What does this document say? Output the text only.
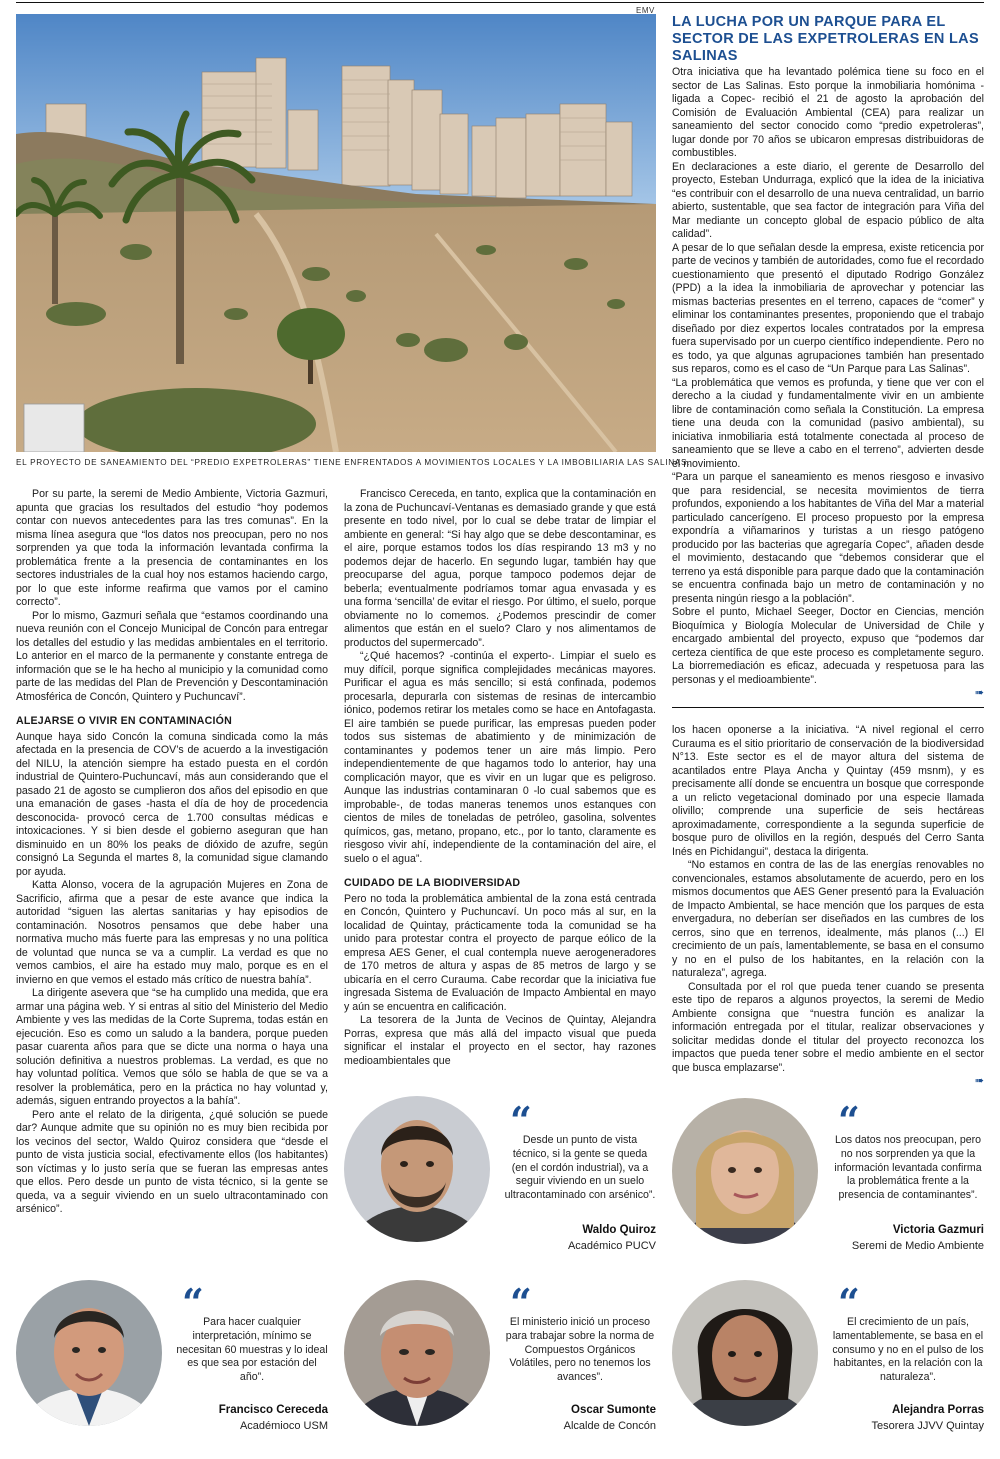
EMV
EL PROYECTO DE SANEAMIENTO DEL “PREDIO EXPETROLERAS” TIENE ENFRENTADOS A MOVIMIENTOS LOCALES Y LA IMBOBILIARIA LAS SALINAS.
LA LUCHA POR UN PARQUE PARA EL SECTOR DE LAS EXPETROLERAS EN LAS SALINAS

Otra iniciativa que ha levantado polémica tiene su foco en el sector de Las Salinas. Esto porque la inmobiliaria homónima -ligada a Copec- recibió el 21 de agosto la aprobación del Comisión de Evaluación Ambiental (CEA) para realizar un saneamiento del sector conocido como “predio expetroleras”, lugar donde por 70 años se ubicaron empresas distribuidoras de combustibles.

En declaraciones a este diario, el gerente de Desarrollo del proyecto, Esteban Undurraga, explicó que la idea de la iniciativa “es contribuir con el desarrollo de una nueva centralidad, un barrio abierto, sustentable, que sea factor de integración para Viña del Mar mediante un concepto global de espacio público de alta calidad”.

A pesar de lo que señalan desde la empresa, existe reticencia por parte de vecinos y también de autoridades, como fue el recordado cuestionamiento que presentó el diputado Rodrigo González (PPD) a la idea la inmobiliaria de aprovechar y potenciar las mismas bacterias presentes en el terreno, capaces de “comer” y eliminar los contaminantes presentes, proponiendo que el trabajo diseñado por diez expertos locales contratados por la empresa fuera supervisado por un cuerpo científico independiente. Pero no es todo, ya que algunas agrupaciones también han presentado sus reparos, como es el caso de “Un Parque para Las Salinas”.

“La problemática que vemos es profunda, y tiene que ver con el derecho a la ciudad y fundamentalmente vivir en un ambiente libre de contaminación como señala la Constitución. La empresa tiene una deuda con la comunidad (pasivo ambiental), su iniciativa inmobiliaria está totalmente conectada al proceso de saneamiento que se lleve a cabo en el terreno”, advierten desde el movimiento.

“Para un parque el saneamiento es menos riesgoso e invasivo que para residencial, se necesita movimientos de tierra profundos, exponiendo a los habitantes de Viña del Mar a material particulado cancerígeno. El proceso propuesto por la empresa expondría a viñamarinos y turistas a un riesgo patógeno producido por las bacterias que agregaría Copec”, añaden desde el movimiento, destacando que “debemos considerar que el terreno ya está disponible para parque dado que la contaminación se encuentra confinada bajo un metro de contaminación y no presenta ningún riesgo a la población”.

Sobre el punto, Michael Seeger, Doctor en Ciencias, mención Bioquímica y Biología Molecular de Universidad de Chile y encargado ambiental del proyecto, expuso que “podemos dar certeza científica de que este proceso es completamente seguro. La biorremediación es eficaz, adecuada y respetuosa para las personas y el medioambiente”.

➠

Por su parte, la seremi de Medio Ambiente, Victoria Gazmuri, apunta que gracias los resultados del estudio “hoy podemos contar con nuevos antecedentes para las tres comunas”. En la misma línea asegura que “los datos nos preocupan, pero no nos sorprenden ya que toda la información levantada confirma la problemática frente a la presencia de contaminantes en los sectores industriales de la cual hoy nos estamos haciendo cargo, por lo que este informe reafirma que vamos por el camino correcto”.

Por lo mismo, Gazmuri señala que “estamos coordinando una nueva reunión con el Concejo Municipal de Concón para entregar los detalles del estudio y las medidas ambientales en el territorio. Lo anterior en el marco de la permanente y constante entrega de información que se le ha hecho al municipio y la comunidad como parte de las medidas del Plan de Prevención y Descontaminación Atmosférica de Concón, Quintero y Puchuncaví”.

ALEJARSE O VIVIR EN CONTAMINACIÓN

Aunque haya sido Concón la comuna sindicada como la más afectada en la presencia de COV’s de acuerdo a la investigación del NILU, la atención siempre ha estado puesta en el cordón industrial de Quintero-Puchuncaví, más aun considerando que el pasado 21 de agosto se cumplieron dos años del episodio en que una emanación de gases -hasta el día de hoy de procedencia desconocida- provocó cerca de 1.700 consultas médicas e intoxicaciones. Y si bien desde el gobierno aseguran que han disminuido en un 80% los peaks de dióxido de azufre, según consignó La Segunda el martes 8, la comunidad sigue clamando por ayuda.

Katta Alonso, vocera de la agrupación Mujeres en Zona de Sacrificio, afirma que a pesar de este avance que indica la autoridad “siguen las alertas sanitarias y hay episodios de contaminación. Nosotros pensamos que debe haber una normativa mucho más fuerte para las empresas y no una política de voluntad que nunca se va a cumplir. La verdad es que no vemos cambios, el aire ha estado muy malo, porque es en el invierno en que vemos el estado más crítico de nuestra bahía”.

La dirigente asevera que “se ha cumplido una medida, que era armar una página web. Y si entras al sitio del Ministerio del Medio Ambiente y ves las medidas de la Corte Suprema, todas están en ejecución. Eso es como un saludo a la bandera, porque pueden pasar cuarenta años para que se dicte una norma o haya una solución definitiva a nuestros problemas. La verdad, es que no hay voluntad política. Vemos que sólo se habla de que se va a resolver la problemática, pero en la práctica no hay voluntad y, además, siguen entrando proyectos a la bahía”.

Pero ante el relato de la dirigenta, ¿qué solución se puede dar? Aunque admite que su opinión no es muy bien recibida por los vecinos del sector, Waldo Quiroz considera que “desde el punto de vista justicia social, efectivamente ellos (los habitantes) son víctimas y lo justo sería que se fueran las empresas antes que ellos. Pero desde un punto de vista técnico, si la gente se queda, va a seguir viviendo en un suelo ultracontaminado con arsénico”.

Francisco Cereceda, en tanto, explica que la contaminación en la zona de Puchuncaví-Ventanas es demasiado grande y que está presente en todo nivel, por lo cual se debe tratar de limpiar el ambiente en general: “Si hay algo que se debe descontaminar, es el aire, porque estamos todos los días respirando 13 m3 y no podemos dejar de hacerlo. En segundo lugar, también hay que preocuparse del agua, porque tampoco podemos dejar de beberla; eventualmente podríamos tomar agua envasada y es una forma ‘sencilla’ de evitar el riesgo. Por último, el suelo, porque obviamente no lo comemos. ¿Podemos prescindir de comer alimentos que están en el suelo? Claro y nos alimentamos de productos del supermercado”.

“¿Qué hacemos? -continúa el experto-. Limpiar el suelo es muy difícil, porque significa complejidades mecánicas mayores. Purificar el agua es más sencillo; si está confinada, podemos procesarla, depurarla con sistemas de resinas de intercambio iónico, podemos retirar los metales como se hace en Antofagasta. El aire también se puede purificar, las empresas pueden poder todos sus sistemas de abatimiento y de minimización de contaminantes y podemos tener un aire más limpio. Pero independientemente de que hagamos todo lo anterior, hay una complicación mayor, que es vivir en un lugar que es peligroso. Aunque las industrias contaminaran 0 -lo cual sabemos que es improbable-, de todas maneras tenemos unos estanques con cientos de miles de toneladas de petróleo, gasolina, solventes químicos, gas, metano, propano, etc., por lo tanto, claramente es riesgoso vivir ahí, independiente de la contaminación del aire, el suelo o el agua”.

CUIDADO DE LA BIODIVERSIDAD

Pero no toda la problemática ambiental de la zona está centrada en Concón, Quintero y Puchuncaví. Un poco más al sur, en la localidad de Quintay, prácticamente toda la comunidad se ha unido para protestar contra el proyecto de parque eólico de la empresa AES Gener, el cual contempla nueve aerogeneradores de 170 metros de altura y aspas de 85 metros de largo y se ubicaría en el cerro Curauma. Cabe recordar que la iniciativa fue ingresada Sistema de Evaluación de Impacto Ambiental en mayo y aún se encuentra en calificación.

La tesorera de la Junta de Vecinos de Quintay, Alejandra Porras, expresa que más allá del impacto visual que pueda significar el instalar el proyecto en el sector, hay razones medioambientales que

los hacen oponerse a la iniciativa. “A nivel regional el cerro Curauma es el sitio prioritario de conservación de la biodiversidad N°13. Este sector es el de mayor altura del sistema de acantilados entre Playa Ancha y Quintay (459 msnm), y es precisamente allí donde se encuentra un bosque que corresponde a un relicto vegetacional dominado por una especie llamada olivillo; comprende una superficie de seis hectáreas aproximadamente, correspondiente a la segunda superficie de bosque puro de olivillos en la región, después del Cerro Santa Inés en Pichidangui”, destaca la dirigenta.

“No estamos en contra de las de las energías renovables no convencionales, estamos absolutamente de acuerdo, pero en los mismos documentos que AES Gener presentó para la Evaluación de Impacto Ambiental, se hace mención que los parques de esta envergadura, no deberían ser diseñados en las cumbres de los cerros, sino que en terrenos, idealmente, más planos (...) El crecimiento de un país, lamentablemente, se basa en el consumo y no en el pulso de los habitantes, en la relación con la naturaleza”, agrega.

Consultada por el rol que pueda tener cuando se presenta este tipo de reparos a algunos proyectos, la seremi de Medio Ambiente consigna que “nuestra función es analizar la información entregada por el titular, realizar observaciones y solicitar medidas donde el titular del proyecto reconozca los impactos que pueda tener sobre el medio ambiente en el sector que busca emplazarse”.

➠
“
Desde un punto de vista técnico, si la gente se queda (en el cordón industrial), va a seguir viviendo en un suelo ultracontaminado con arsénico”.
Waldo Quiroz
Académico PUCV
“
Los datos nos preocupan, pero no nos sorprenden ya que la información levantada confirma la problemática frente a la presencia de contaminantes”.
Victoria Gazmuri
Seremi de Medio Ambiente
“ Para hacer cualquier interpretación, mínimo se necesitan 60 muestras y lo ideal es que sea por estación del año”.
Francisco Cereceda
Académioco USM
“
El ministerio inició un proceso para trabajar sobre la norma de Compuestos Orgánicos Volátiles, pero no tenemos los avances”.
Oscar Sumonte
Alcalde de Concón
“
El crecimiento de un país, lamentablemente, se basa en el consumo y no en el pulso de los habitantes, en la relación con la naturaleza”.
Alejandra Porras
Tesorera JJVV Quintay
